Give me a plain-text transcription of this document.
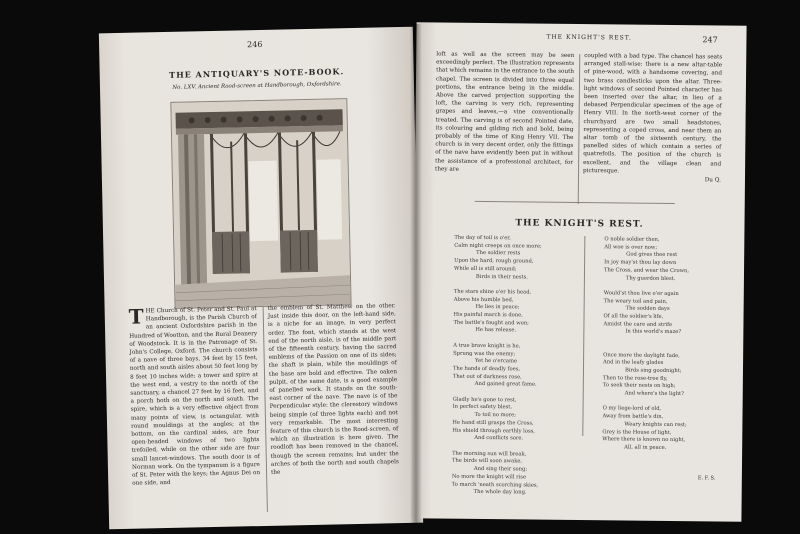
246
THE ANTIQUARY'S NOTE-BOOK.
No. LXV. Ancient Rood-screen at Handborough, Oxfordshire.
T HE Church of St. Peter and St. Paul at Handborough, is the Parish Church of an ancient Oxfordshire parish in the Hundred of Wootton, and the Rural Deanery of Woodstock. It is in the Patronage of St. John's College, Oxford. The church consists of a nave of three bays, 34 feet by 15 feet, north and south aisles about 50 feet long by 8 feet 10 inches wide; a tower and spire at the west end, a vestry to the north of the sanctuary, a chancel 27 feet by 16 feet, and a porch both on the north and south. The spire, which is a very effective object from many points of view, is octangular, with round mouldings at the angles; at the bottom, on the cardinal sides, are four open-headed windows of two lights trefoiled, while on the other side are four small lancet-windows. The south door is of Norman work. On the tympanum is a figure of St. Peter with the keys; the Agnus Dei on one side, and
the emblem of St. Matthew on the other. Just inside this door, on the left-hand side, is a niche for an image, in very perfect order. The font, which stands at the west end of the north aisle, is of the middle part of the fifteenth century, having the sacred emblems of the Passion on one of its sides; the shaft is plain, while the mouldings of the base are bold and effective. The oaken pulpit, of the same date, is a good example of panelled work. It stands on the south-east corner of the nave. The nave is of the Perpendicular style: the clerestory windows being simple (of three lights each) and not very remarkable. The most interesting feature of this church is the Rood-screen, of which an illustration is here given. The roodloft has been removed in the chancel, though the screen remains; but under the arches of both the north and south chapels the
THE KNIGHT'S REST.	247
loft as well as the screen may be seen exceedingly perfect. The illustration represents that which remains in the entrance to the south chapel. The screen is divided into three equal portions, the entrance being in the middle. Above the carved projection supporting the loft, the carving is very rich, representing grapes and leaves,—a vine conventionally treated. The carving is of second Pointed date, its colouring and gilding rich and bold, being probably of the time of King Henry VII. The church is in very decent order, only the fittings of the nave have evidently been put in without the assistance of a professional architect, for they are
coupled with a bad type. The chancel has seats arranged stall-wise: there is a new altar-table of pine-wood, with a handsome covering, and two brass candlesticks upon the altar. Three-light windows of second Pointed character has been inserted over the altar, in lieu of a debased Perpendicular specimen of the age of Henry VIII. In the north-west corner of the churchyard are two small headstones, representing a coped cross, and near them an altar tomb of the sixteenth century, the panelled sides of which contain a series of quatrefoils. The position of the church is excellent, and the village clean and picturesque.
Du Q.
THE KNIGHT'S REST.
The day of toil is o'er,
Calm night creeps on once more;
The soldier rests
Upon the hard, rough ground,
While all is still around;
Birds in their nests.

The stars shine o'er his head,
Above his humble bed,
He lies in peace;
His painful march is done,
The battle's fought and won;
He has release.

A true brave knight is he,
Sprung was the enemy;
Yet he o'ercame
The hands of deadly foes,
That out of darkness rose,
And gained great fame.

Gladly he's gone to rest,
In perfect safety blest,
To toil no more;
He hand still grasps the Cross,
His shield through earthly loss,
And conflicts sore.

The morning sun will break,
The birds will soon awake,
And sing their song;
No more the knight will rise
To march 'neath scorching skies,
The whole day long.
O noble soldier then,
All woe is over now;
God gives thee rest
In joy may'st thou lay down
The Cross, and wear the Crown,
Thy guerdon blest.

Would'st thou live o'er again
The weary toil and pain,
The sodden days
Of all the soldier's life,
Amidst the care and strife
In this world's maze?

Once more the daylight fade,
And in the leafy glades
Birds sing goodnight;
Then to the rose-tree fly,
To seek their nests on high;
And where's the light?

O my liege-lord of old,
Away from battle's din,
Weary knights can rest;
Grey is the House of light,
Where there is known no night,
All, all in peace.
E. F. S.
